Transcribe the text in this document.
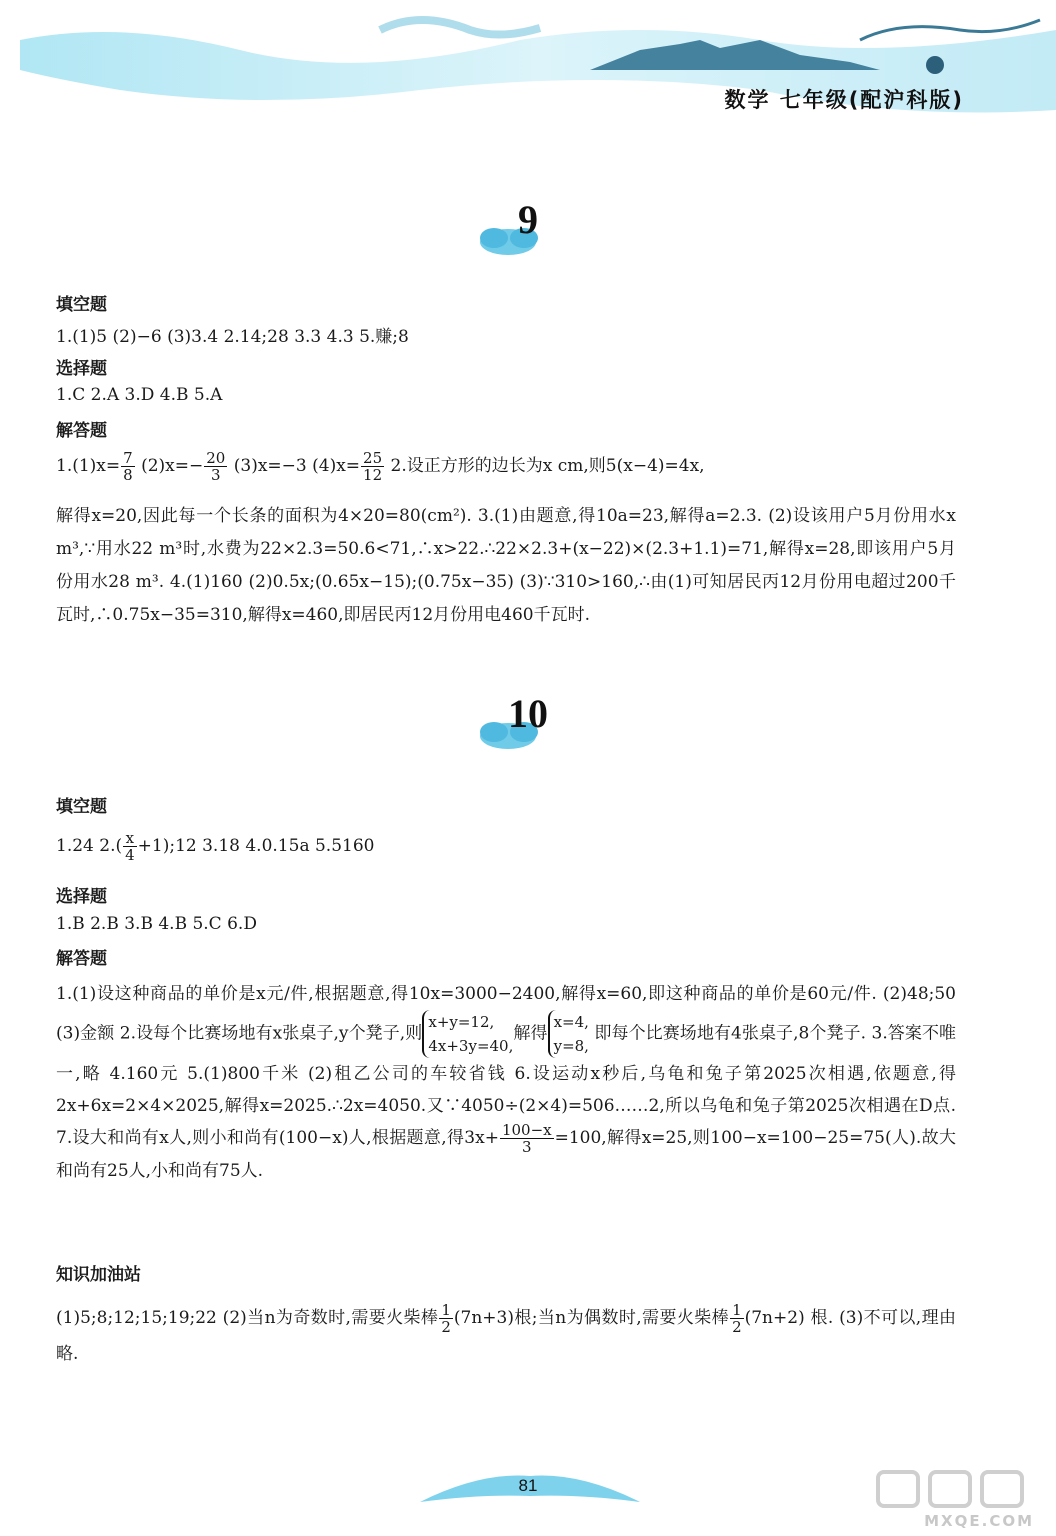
数学 七年级(配沪科版)
9
填空题
1.(1)5 (2)−6 (3)3.4 2.14;28 3.3 4.3 5.赚;8
选择题
1.C 2.A 3.D 4.B 5.A
解答题
$1.(1)x= \frac{7}{8} (2)x=- \frac{20}{3} (3)x=-3$ $(4)x= \frac{25}{12} 2$.设正方形的边长为x cm,则5(x−4)=4x,
解得x=20,因此每一个长条的面积为4×20=80(cm²). 3.(1)由题意,得10a=23,解得a=2.3. (2)设该用户5月份用水x m³,∵用水22 m³时,水费为22×2.3=50.6<71,∴x>22.∴22×2.3+(x−22)×(2.3+1.1)=71,解得x=28,即该用户5月份用水28 m³. 4.(1)160 (2)0.5x;(0.65x−15);(0.75x−35) (3)∵310>160,∴由(1)可知居民丙12月份用电超过200千瓦时,∴0.75x−35=310,解得x=460,即居民丙12月份用电460千瓦时.
10
填空题
1.24 $2.( \frac{x}{4}$ +1);12 3.18 4.0.15a 5.5160
选择题
1.B 2.B 3.B 4.B 5.C 6.D
解答题
1.(1)设这种商品的单价是x元/件,根据题意,得10x=3000−2400,解得x=60,即这种商品的单价是60元/件. (2)48;50 (3)金额 2.设每个比赛场地有x张桌子,y个凳子,则
x+y=12,
4x+3y=40,
解得
x=4,
y=8,
即每个比赛场地有4张桌子,8个凳子. 3.答案不唯一,略 4.160元 5.(1)800千米 (2)租乙公司的车较省钱 6.设运动x秒后,乌龟和兔子第2025次相遇,依题意,得2x+6x=2×4×2025,解得x=2025.∴2x=4050.又∵4050÷(2×4)=506……2,所以乌龟和兔子第2025次相遇在D点. 7.设大和尚有x人,则小和尚有(100−x)人,根据题意,得$3x+ \frac{100-x}{3} =100$,解得x=25,则100−x=100−25=75(人).故大和尚有25人,小和尚有75人.
知识加油站
(1)5;8;12;15;19;22 (2)当n为奇数时,需要火柴棒 $\frac{1}{2} (7n+3)$根;当n为偶数时,需要火柴棒 $\frac{1}{2} (7n+2)$ 根. (3)不可以,理由略.
81
MXQE.COM
